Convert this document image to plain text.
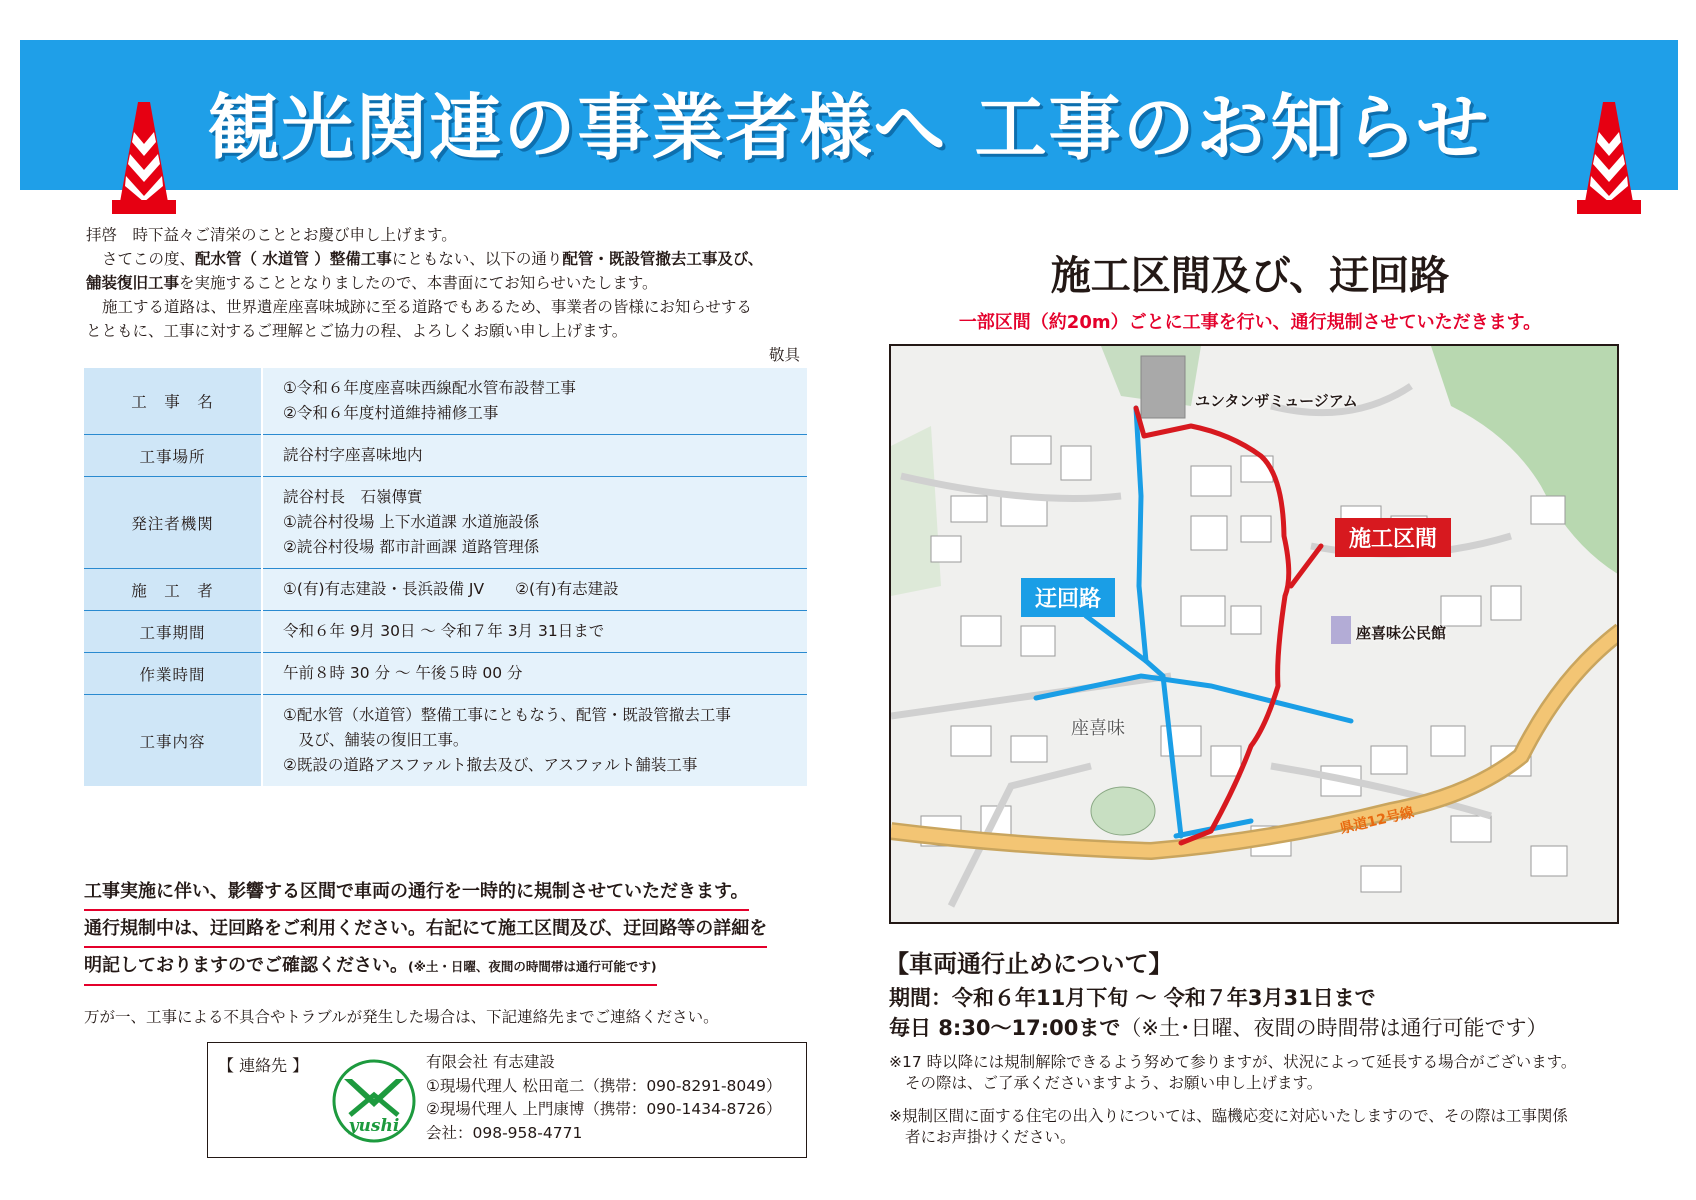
観光関連の事業者様へ 工事のお知らせ

拝啓　時下益々ご清栄のこととお慶び申し上げます。

さてこの度、配水管（ 水道管 ）整備工事にともない、以下の通り配管・既設管撤去工事及び、

舗装復旧工事を実施することとなりましたので、本書面にてお知らせいたします。

施工する道路は、世界遺産座喜味城跡に至る道路でもあるため、事業者の皆様にお知らせする

とともに、工事に対するご理解とご協力の程、よろしくお願い申し上げます。

敬具

工　事　名	①令和６年度座喜味西線配水管布設替工事
②令和６年度村道維持補修工事

工事場所	読谷村字座喜味地内

発注者機関	読谷村長　石嶺傳實
①読谷村役場 上下水道課 水道施設係
②読谷村役場 都市計画課 道路管理係

施　工　者	①(有)有志建設・長浜設備 JV　　②(有)有志建設

工事期間	令和６年 9月 30日 ～ 令和７年 3月 31日まで

作業時間	午前８時 30 分 ～ 午後５時 00 分

工事内容	①配水管（水道管）整備工事にともなう、配管・既設管撤去工事
　及び、舗装の復旧工事。
②既設の道路アスファルト撤去及び、アスファルト舗装工事
工事実施に伴い、影響する区間で車両の通行を一時的に規制させていただきます。
通行規制中は、迂回路をご利用ください。右記にて施工区間及び、迂回路等の詳細を
明記しておりますのでご確認ください。(※土・日曜、夜間の時間帯は通行可能です)
万が一、工事による不具合やトラブルが発生した場合は、下記連絡先までご連絡ください。
【 連絡先 】
yushi
有限会社 有志建設
①現場代理人 松田竜二（携帯：090-8291-8049）
②現場代理人 上門康博（携帯：090-1434-8726）
会社：098-958-4771
施工区間及び、迂回路
一部区間（約20m）ごとに工事を行い、通行規制させていただきます。
ユンタンザミュージアム
施工区間
迂回路
座喜味公民館
座喜味
県道12号線
【車両通行止めについて】
期間：令和６年11月下旬 ～ 令和７年3月31日まで
毎日 8:30～17:00まで（※土･日曜、夜間の時間帯は通行可能です）

※17 時以降には規制解除できるよう努めて参りますが、状況によって延長する場合がございます。

その際は、ご了承くださいますよう、お願い申し上げます。

※規制区間に面する住宅の出入りについては、臨機応変に対応いたしますので、その際は工事関係

者にお声掛けください。
